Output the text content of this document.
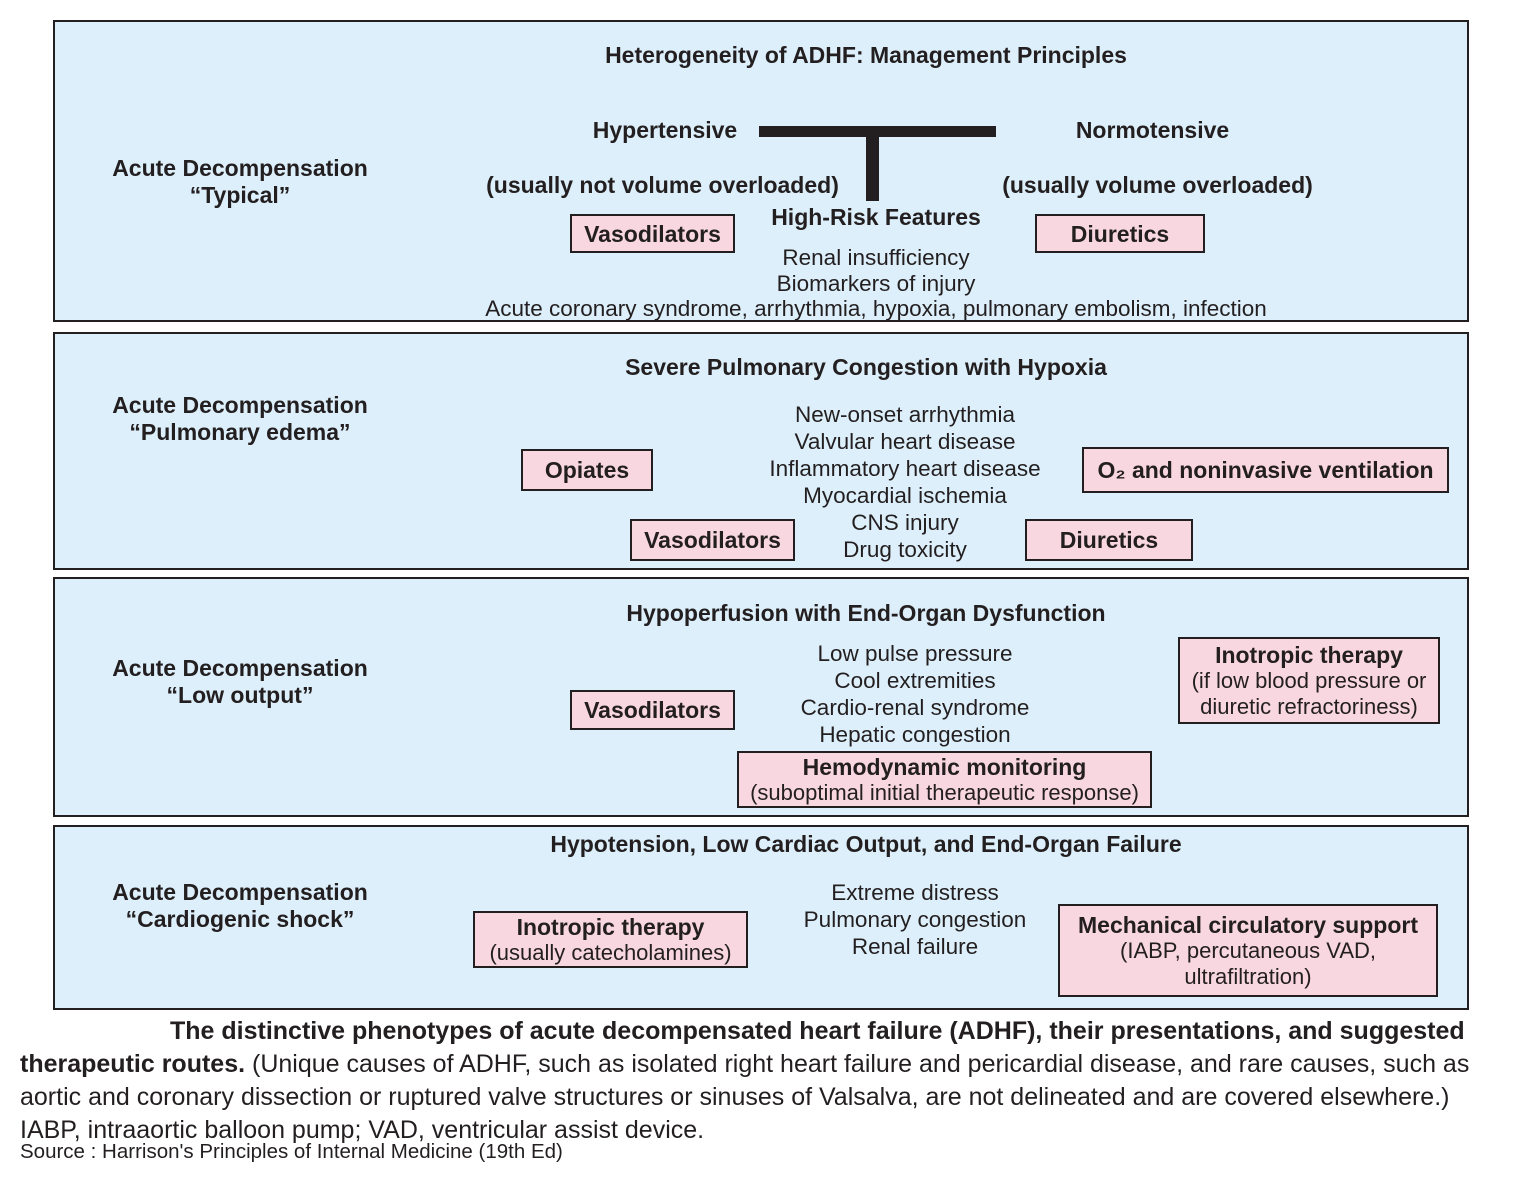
Heterogeneity of ADHF: Management Principles
Acute Decompensation
“Typical”
Hypertensive	Normotensive
(usually not volume overloaded)	(usually volume overloaded)
Vasodilators	Diuretics
High-Risk Features
Renal insufficiency
Biomarkers of injury
Acute coronary syndrome, arrhythmia, hypoxia, pulmonary embolism, infection
Severe Pulmonary Congestion with Hypoxia
Acute Decompensation
“Pulmonary edema”
New-onset arrhythmia
Valvular heart disease
Inflammatory heart disease
Myocardial ischemia
CNS injury
Drug toxicity
Opiates
Vasodilators
O₂ and noninvasive ventilation
Diuretics
Hypoperfusion with End-Organ Dysfunction
Acute Decompensation
“Low output”
Low pulse pressure
Cool extremities
Cardio-renal syndrome
Hepatic congestion
Vasodilators
Inotropic therapy
(if low blood pressure or diuretic refractoriness)
Hemodynamic monitoring
(suboptimal initial therapeutic response)
Hypotension, Low Cardiac Output, and End-Organ Failure
Acute Decompensation
“Cardiogenic shock”
Extreme distress
Pulmonary congestion
Renal failure
Inotropic therapy
(usually catecholamines)
Mechanical circulatory support
(IABP, percutaneous VAD, ultrafiltration)
The distinctive phenotypes of acute decompensated heart failure (ADHF), their presentations, and suggested therapeutic routes. (Unique causes of ADHF, such as isolated right heart failure and pericardial disease, and rare causes, such as aortic and coronary dissection or ruptured valve structures or sinuses of Valsalva, are not delineated and are covered elsewhere.) IABP, intraaortic balloon pump; VAD, ventricular assist device.
Source : Harrison's Principles of Internal Medicine (19th Ed)
